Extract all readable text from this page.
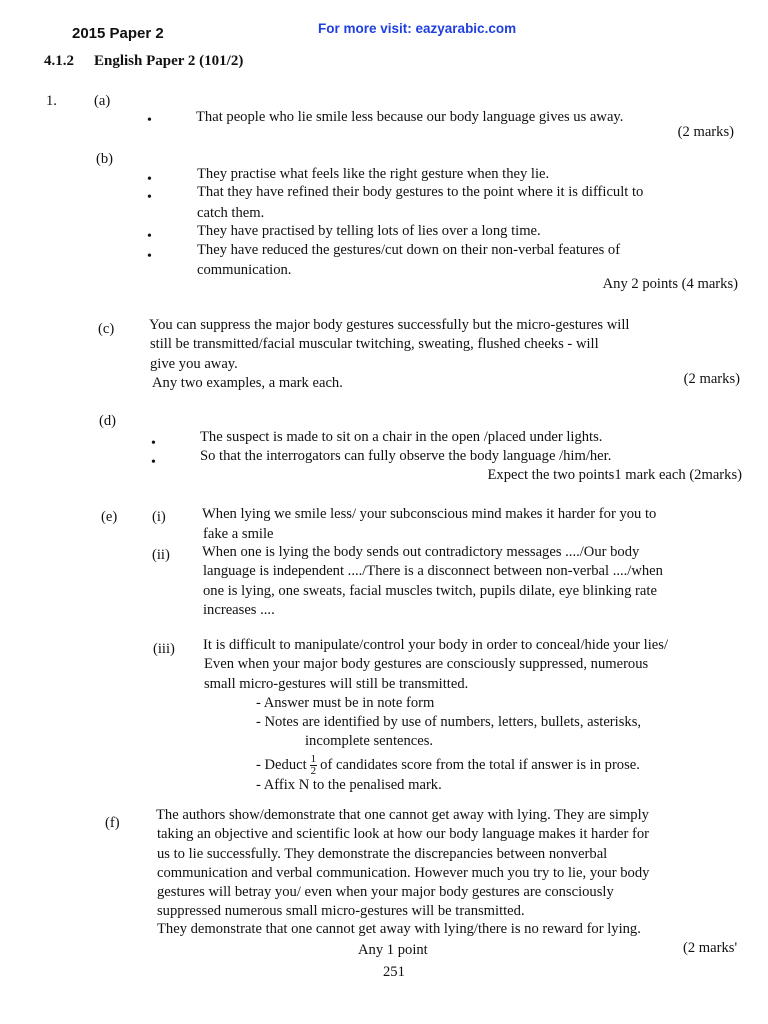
2015 Paper 2	For more visit: eazyarabic.com
4.1.2 English Paper 2 (101/2)
1.	(a)
•	That people who lie smile less because our body language gives us away.
(2 marks)
(b)
•	They practise what feels like the right gesture when they lie.
•	That they have refined their body gestures to the point where it is difficult to
catch them.
•	They have practised by telling lots of lies over a long time.
•	They have reduced the gestures/cut down on their non-verbal features of
communication.
Any 2 points (4 marks)
(c) You can suppress the major body gestures successfully but the micro-gestures will
still be transmitted/facial muscular twitching, sweating, flushed cheeks - will
give you away.
Any two examples, a mark each.	(2 marks)
(d)
•	The suspect is made to sit on a chair in the open /placed under lights.
•	So that the interrogators can fully observe the body language /him/her.
Expect the two points1 mark each (2marks)
(e) (i) When lying we smile less/ your subconscious mind makes it harder for you to
fake a smile
(ii) When one is lying the body sends out contradictory messages ..../Our body
language is independent ..../There is a disconnect between non-verbal ..../when
one is lying, one sweats, facial muscles twitch, pupils dilate, eye blinking rate
increases ....
(iii) It is difficult to manipulate/control your body in order to conceal/hide your lies/
Even when your major body gestures are consciously suppressed, numerous
small micro-gestures will still be transmitted.
- Answer must be in note form
- Notes are identified by use of numbers, letters, bullets, asterisks,
incomplete sentences.
- Deduct $\frac{1}{2}$ of candidates score from the total if answer is in prose.
- Affix N to the penalised mark.
(f) The authors show/demonstrate that one cannot get away with lying. They are simply
taking an objective and scientific look at how our body language makes it harder for
us to lie successfully. They demonstrate the discrepancies between nonverbal
communication and verbal communication. However much you try to lie, your body
gestures will betray you/ even when your major body gestures are consciously
suppressed numerous small micro-gestures will be transmitted.
They demonstrate that one cannot get away with lying/there is no reward for lying.
Any 1 point	(2 marks'
251
